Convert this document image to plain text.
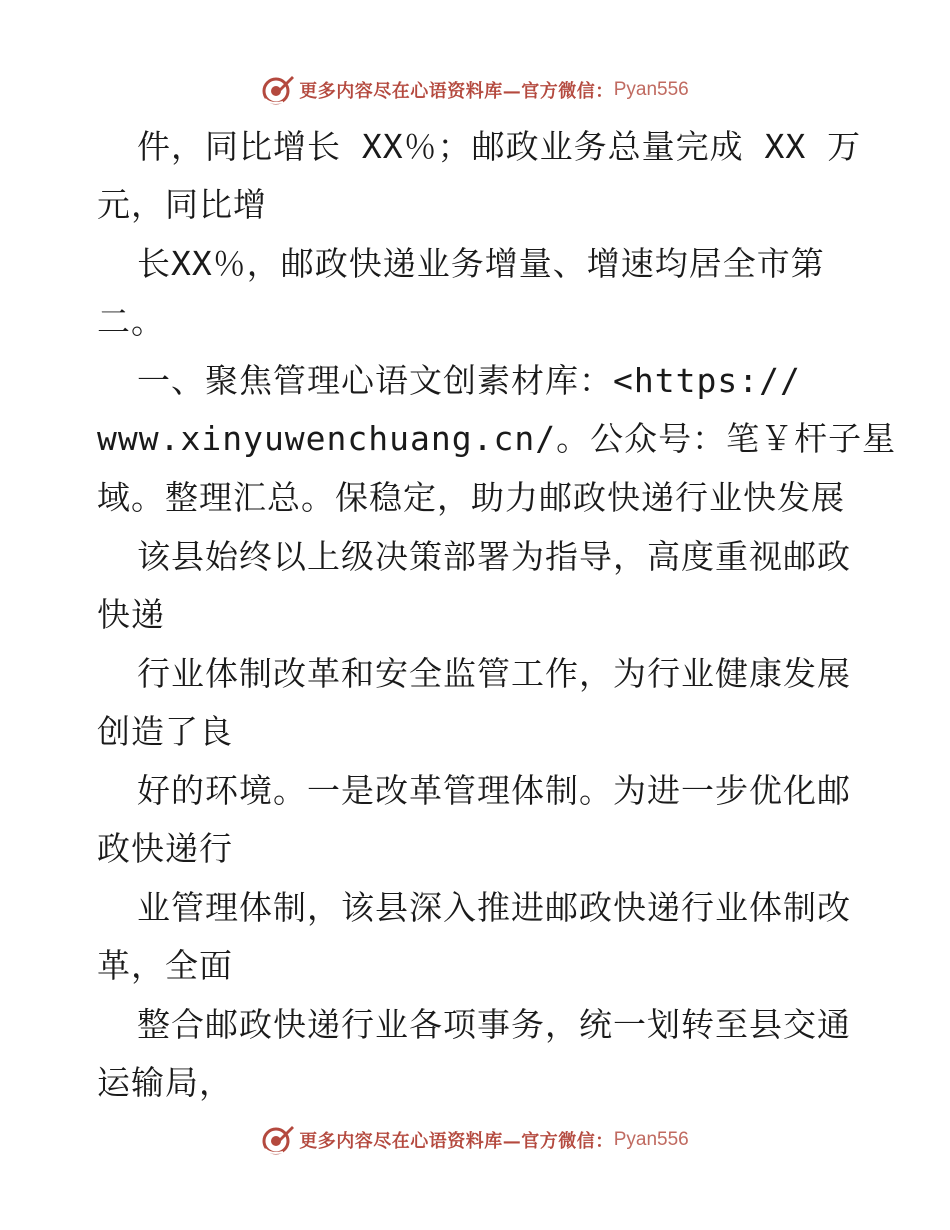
更多内容尽在心语资料库—官方微信： Pyan556
件，同比增长 XX％；邮政业务总量完成 XX 万
元，同比增
长XX％，邮政快递业务增量、增速均居全市第
二。
一、聚焦管理心语文创素材库：<https://
www.xinyuwenchuang.cn/。公众号：笔￥杆子星
域。整理汇总。保稳定，助力邮政快递行业快发展
该县始终以上级决策部署为指导，高度重视邮政
快递
行业体制改革和安全监管工作，为行业健康发展
创造了良
好的环境。一是改革管理体制。为进一步优化邮
政快递行
业管理体制，该县深入推进邮政快递行业体制改
革，全面
整合邮政快递行业各项事务，统一划转至县交通
运输局，
更多内容尽在心语资料库—官方微信： Pyan556
